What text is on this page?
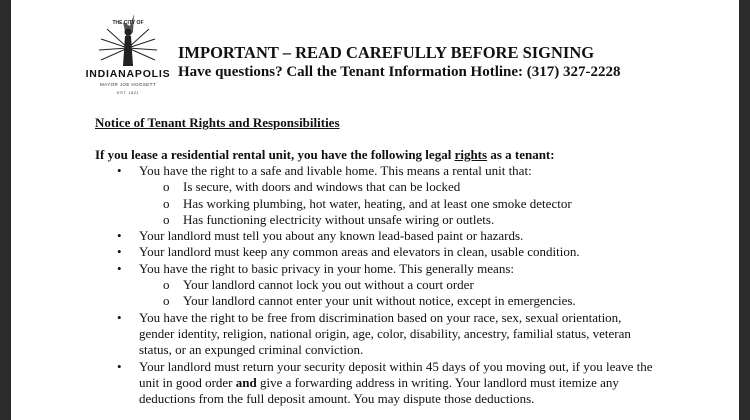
THE CITY OF
INDIANAPOLIS
MAYOR JOE HOGSETT
EST. 1821
IMPORTANT – READ CAREFULLY BEFORE SIGNING
Have questions? Call the Tenant Information Hotline: (317) 327-2228
Notice of Tenant Rights and Responsibilities
If you lease a residential rental unit, you have the following legal rights as a tenant:
• You have the right to a safe and livable home. This means a rental unit that:
o Is secure, with doors and windows that can be locked
o Has working plumbing, hot water, heating, and at least one smoke detector
o Has functioning electricity without unsafe wiring or outlets.
• Your landlord must tell you about any known lead-based paint or hazards.
• Your landlord must keep any common areas and elevators in clean, usable condition.
• You have the right to basic privacy in your home. This generally means:
o Your landlord cannot lock you out without a court order
o Your landlord cannot enter your unit without notice, except in emergencies.
• You have the right to be free from discrimination based on your race, sex, sexual orientation, gender identity, religion, national origin, age, color, disability, ancestry, familial status, veteran status, or an expunged criminal conviction.
• Your landlord must return your security deposit within 45 days of you moving out, if you leave the unit in good order and give a forwarding address in writing. Your landlord must itemize any deductions from the full deposit amount. You may dispute those deductions.
